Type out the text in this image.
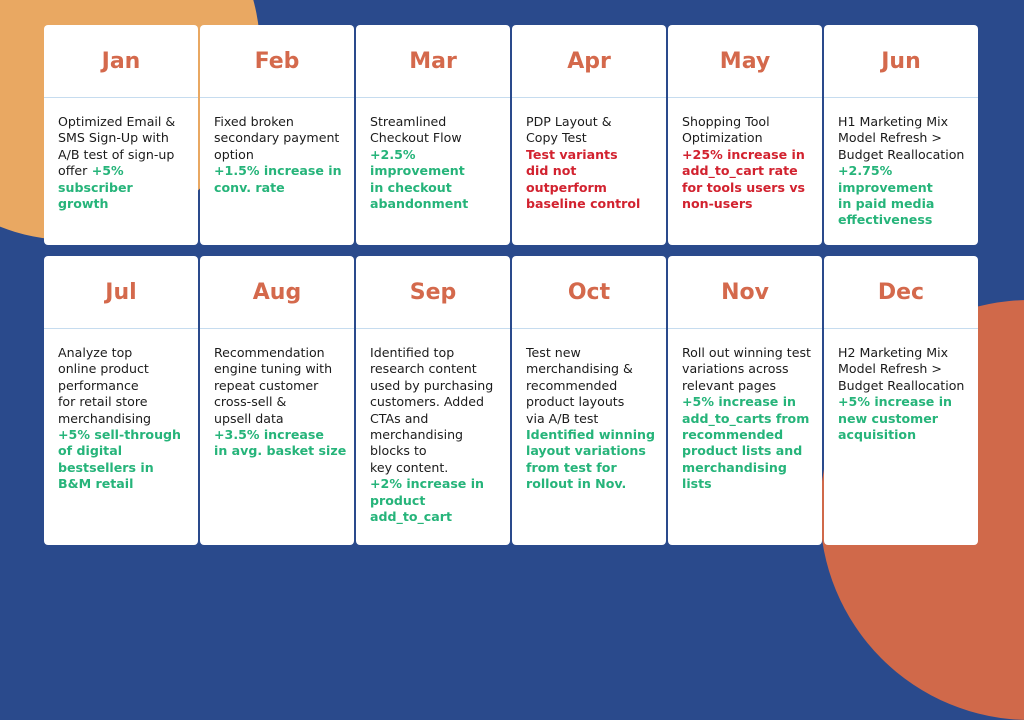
Jan
Optimized Email &
SMS Sign-Up with
A/B test of sign-up
offer +5% subscriber
growth
Feb
Fixed broken
secondary payment
option
+1.5% increase in
conv. rate
Mar
Streamlined
Checkout Flow
+2.5% improvement
in checkout
abandonment
Apr
PDP Layout &
Copy Test
Test variants
did not
outperform
baseline control
May
Shopping Tool
Optimization
+25% increase in
add_to_cart rate
for tools users vs
non-users
Jun
H1 Marketing Mix
Model Refresh >
Budget Reallocation
+2.75%
improvement
in paid media
effectiveness
Jul
Analyze top
online product
performance
for retail store
merchandising
+5% sell-through
of digital
bestsellers in
B&M retail
Aug
Recommendation
engine tuning with
repeat customer
cross-sell &
upsell data
+3.5% increase
in avg. basket size
Sep
Identified top
research content
used by purchasing
customers. Added
CTAs and
merchandising
blocks to
key content.
+2% increase in
product
add_to_cart
Oct
Test new
merchandising &
recommended
product layouts
via A/B test
Identified winning
layout variations
from test for
rollout in Nov.
Nov
Roll out winning test
variations across
relevant pages
+5% increase in
add_to_carts from
recommended
product lists and
merchandising
lists
Dec
H2 Marketing Mix
Model Refresh >
Budget Reallocation
+5% increase in
new customer
acquisition
